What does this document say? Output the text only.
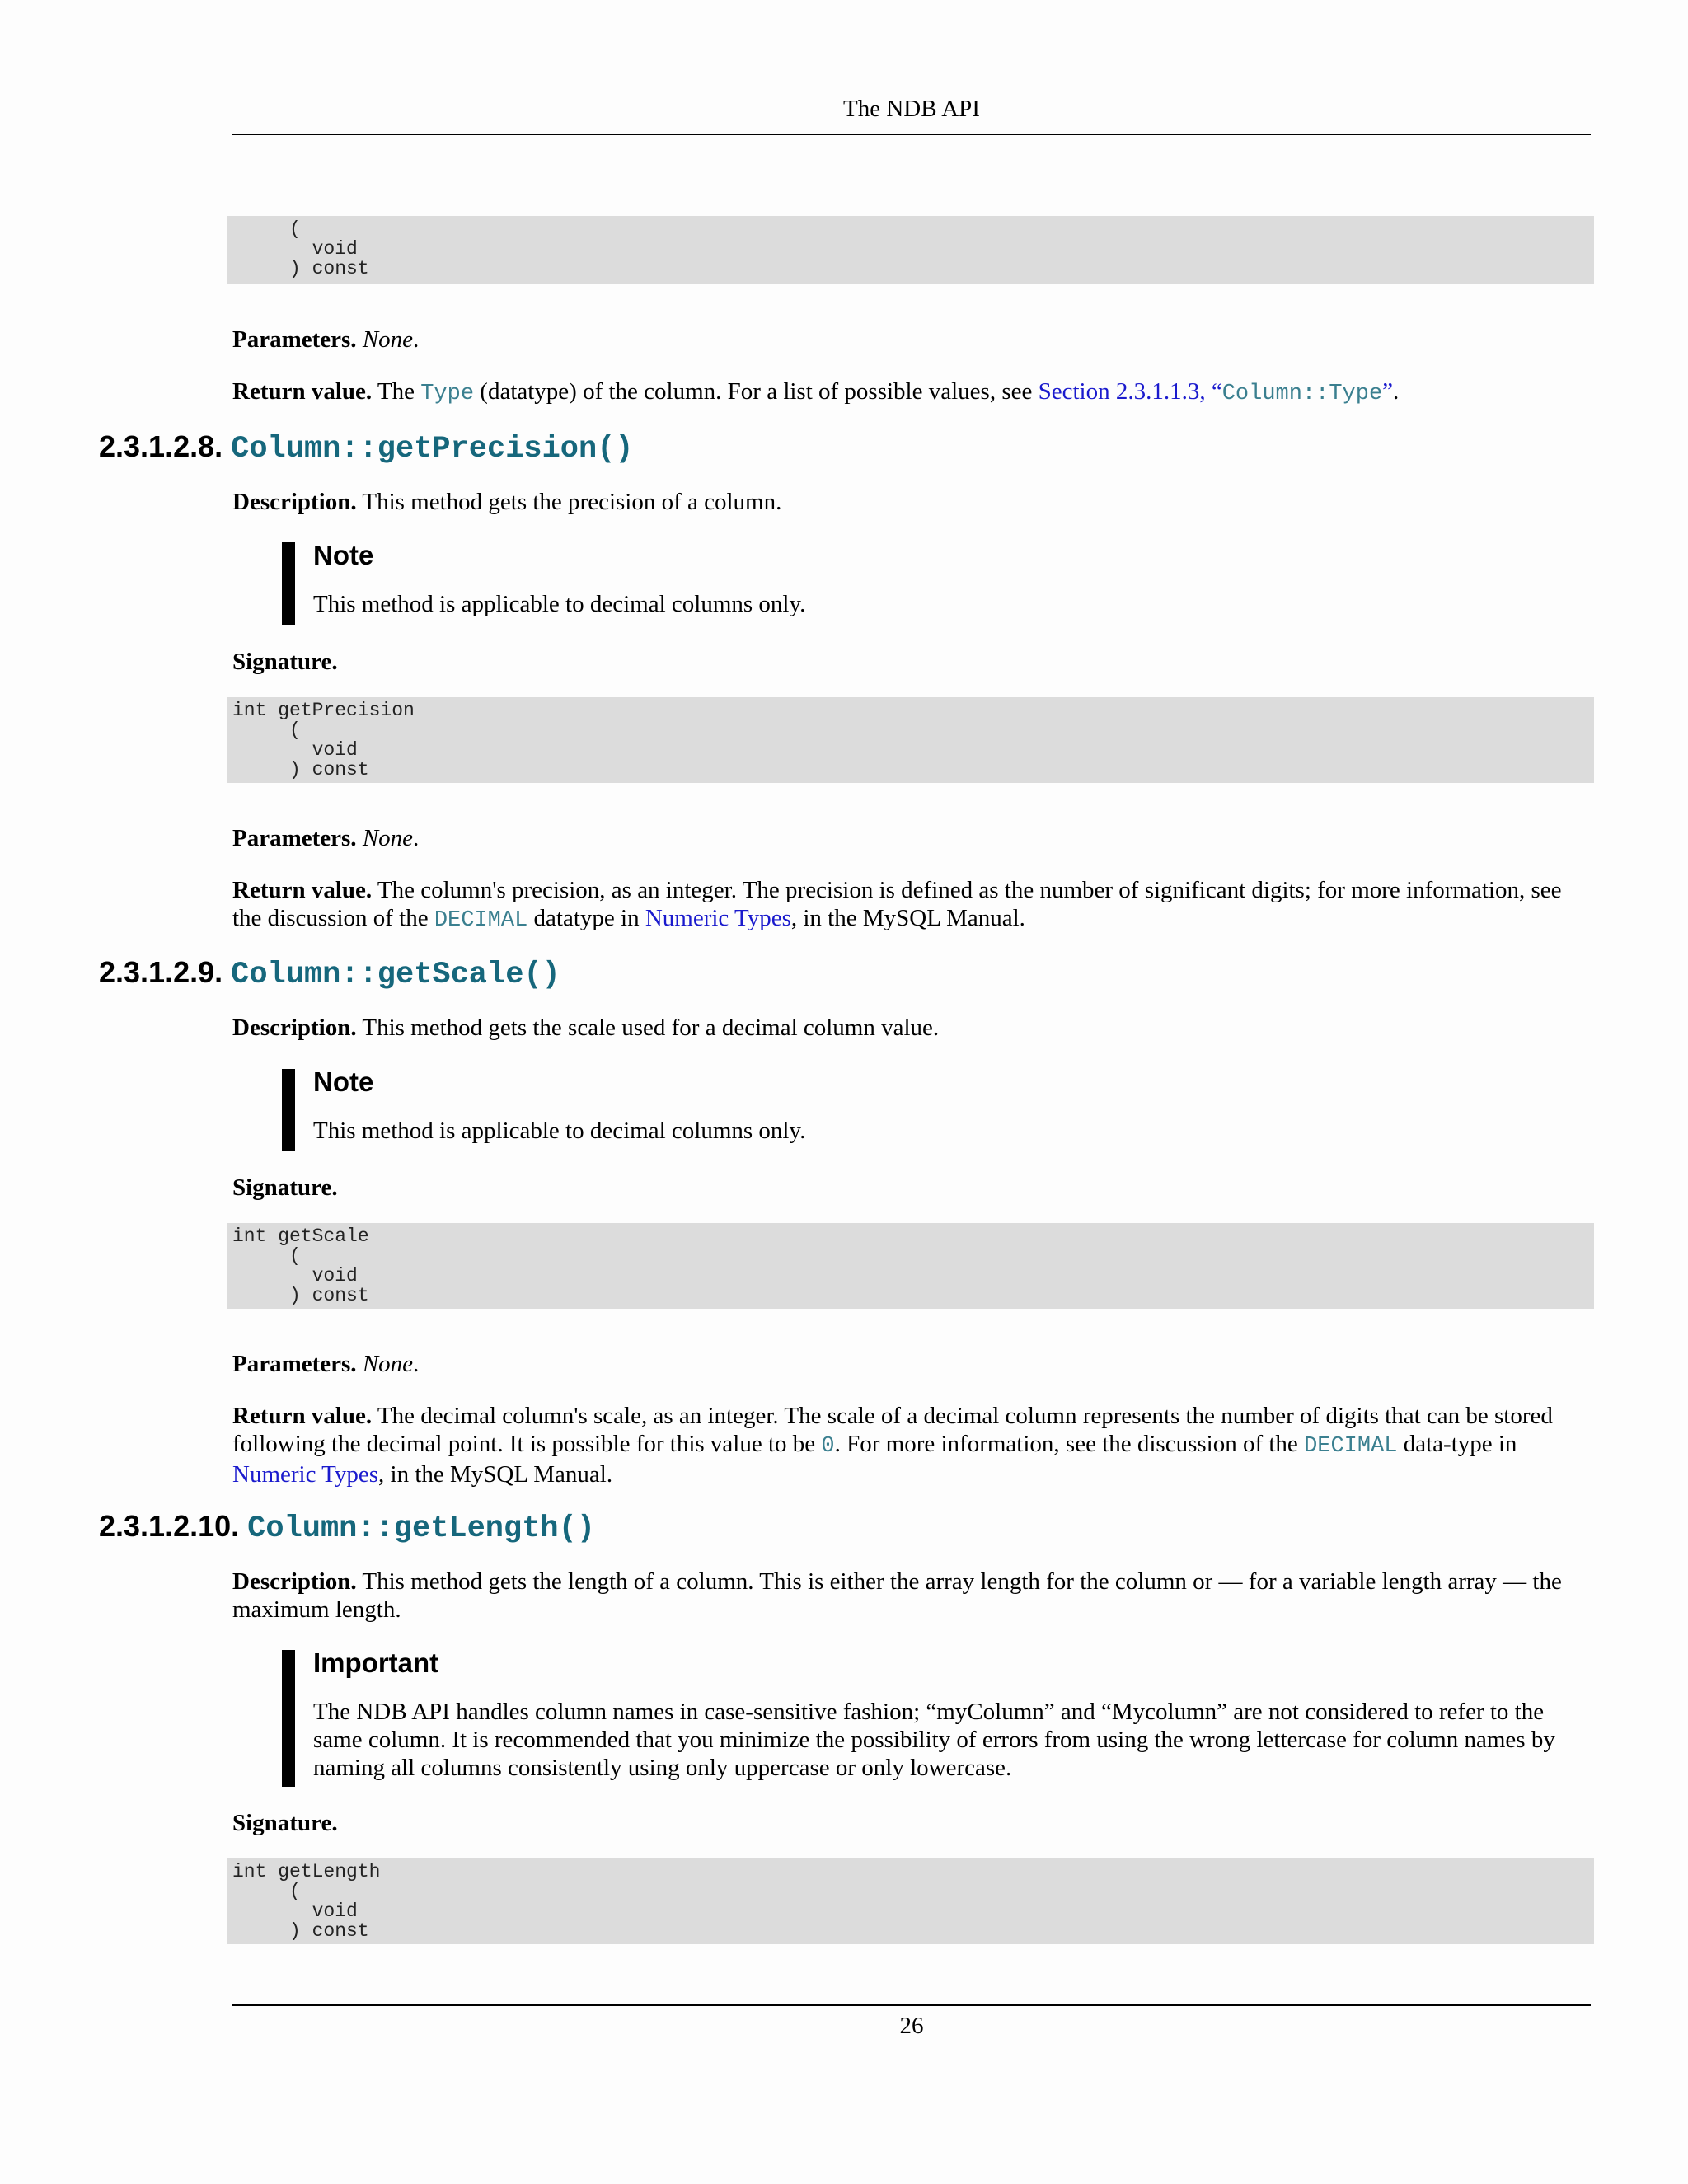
The NDB API
(
void
) const
Parameters. None.
Return value. The Type (datatype) of the column. For a list of possible values, see Section 2.3.1.1.3, “Column::Type”.
2.3.1.2.8. Column::getPrecision()
Description. This method gets the precision of a column.
Note
This method is applicable to decimal columns only.
Signature.
int getPrecision
(
void
) const
Parameters. None.
Return value. The column's precision, as an integer. The precision is defined as the number of significant digits; for more information, see the discussion of the DECIMAL datatype in Numeric Types, in the MySQL Manual.
2.3.1.2.9. Column::getScale()
Description. This method gets the scale used for a decimal column value.
Note
This method is applicable to decimal columns only.
Signature.
int getScale
(
void
) const
Parameters. None.
Return value. The decimal column's scale, as an integer. The scale of a decimal column represents the number of digits that can be stored following the decimal point. It is possible for this value to be 0. For more information, see the discussion of the DECIMAL data-type in Numeric Types, in the MySQL Manual.
2.3.1.2.10. Column::getLength()
Description. This method gets the length of a column. This is either the array length for the column or — for a variable length array — the maximum length.
Important
The NDB API handles column names in case-sensitive fashion; “myColumn” and “Mycolumn” are not considered to refer to the same column. It is recommended that you minimize the possibility of errors from using the wrong lettercase for column names by naming all columns consistently using only uppercase or only lowercase.
Signature.
int getLength
(
void
) const
26
